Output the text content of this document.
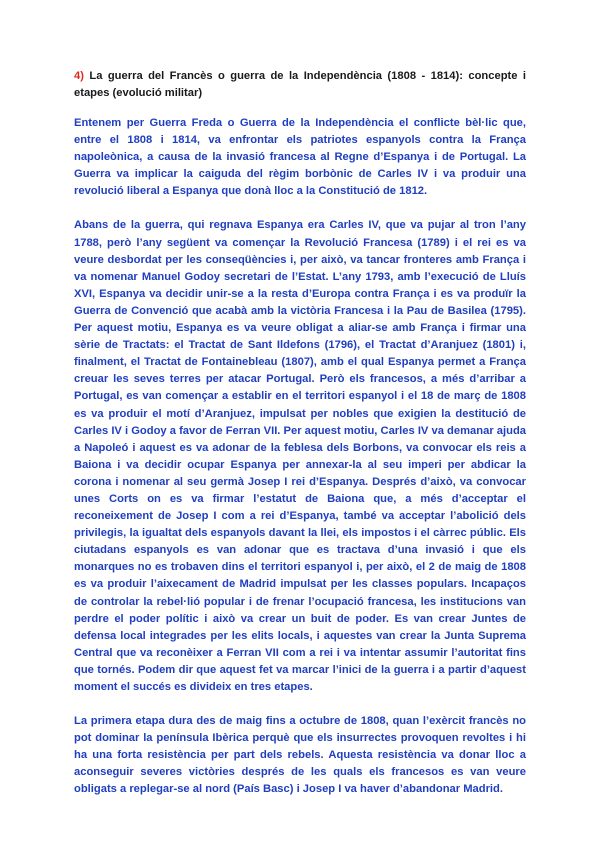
4) La guerra del Francès o guerra de la Independència (1808 - 1814): concepte i etapes (evolució militar)

Entenem per Guerra Freda o Guerra de la Independència el conflicte bèl·lic que, entre el 1808 i 1814, va enfrontar els patriotes espanyols contra la França napoleònica, a causa de la invasió francesa al Regne d’Espanya i de Portugal. La Guerra va implicar la caiguda del règim borbònic de Carles IV i va produir una revolució liberal a Espanya que donà lloc a la Constitució de 1812.

Abans de la guerra, qui regnava Espanya era Carles IV, que va pujar al tron l’any 1788, però l’any següent va començar la Revolució Francesa (1789) i el rei es va veure desbordat per les conseqüències i, per això, va tancar fronteres amb França i va nomenar Manuel Godoy secretari de l’Estat. L’any 1793, amb l’execució de Lluís XVI, Espanya va decidir unir-se a la resta d’Europa contra França i es va produïr la Guerra de Convenció que acabà amb la victòria Francesa i la Pau de Basilea (1795). Per aquest motiu, Espanya es va veure obligat a aliar-se amb França i firmar una sèrie de Tractats: el Tractat de Sant Ildefons (1796), el Tractat d’Aranjuez (1801) i, finalment, el Tractat de Fontainebleau (1807), amb el qual Espanya permet a França creuar les seves terres per atacar Portugal. Però els francesos, a més d’arribar a Portugal, es van començar a establir en el territori espanyol i el 18 de març de 1808 es va produir el motí d’Aranjuez, impulsat per nobles que exigien la destitució de Carles IV i Godoy a favor de Ferran VII. Per aquest motiu, Carles IV va demanar ajuda a Napoleó i aquest es va adonar de la feblesa dels Borbons, va convocar els reis a Baiona i va decidir ocupar Espanya per annexar-la al seu imperi per abdicar la corona i nomenar al seu germà Josep I rei d’Espanya. Després d’això, va convocar unes Corts on es va firmar l’estatut de Baiona que, a més d’acceptar el reconeixement de Josep I com a rei d’Espanya, també va acceptar l’abolició dels privilegis, la igualtat dels espanyols davant la llei, els impostos i el càrrec públic. Els ciutadans espanyols es van adonar que es tractava d’una invasió i que els monarques no es trobaven dins el territori espanyol i, per això, el 2 de maig de 1808 es va produir l’aixecament de Madrid impulsat per les classes populars. Incapaços de controlar la rebel·lió popular i de frenar l’ocupació francesa, les institucions van perdre el poder polític i això va crear un buit de poder. Es van crear Juntes de defensa local integrades per les elits locals, i aquestes van crear la Junta Suprema Central que va reconèixer a Ferran VII com a rei i va intentar assumir l’autoritat fins que tornés. Podem dir que aquest fet va marcar l’inici de la guerra i a partir d’aquest moment el succés es divideix en tres etapes.

La primera etapa dura des de maig fins a octubre de 1808, quan l’exèrcit francès no pot dominar la península Ibèrica perquè que els insurrectes provoquen revoltes i hi ha una forta resistència per part dels rebels. Aquesta resistència va donar lloc a aconseguir severes victòries després de les quals els francesos es van veure obligats a replegar-se al nord (País Basc) i Josep I va haver d’abandonar Madrid.
